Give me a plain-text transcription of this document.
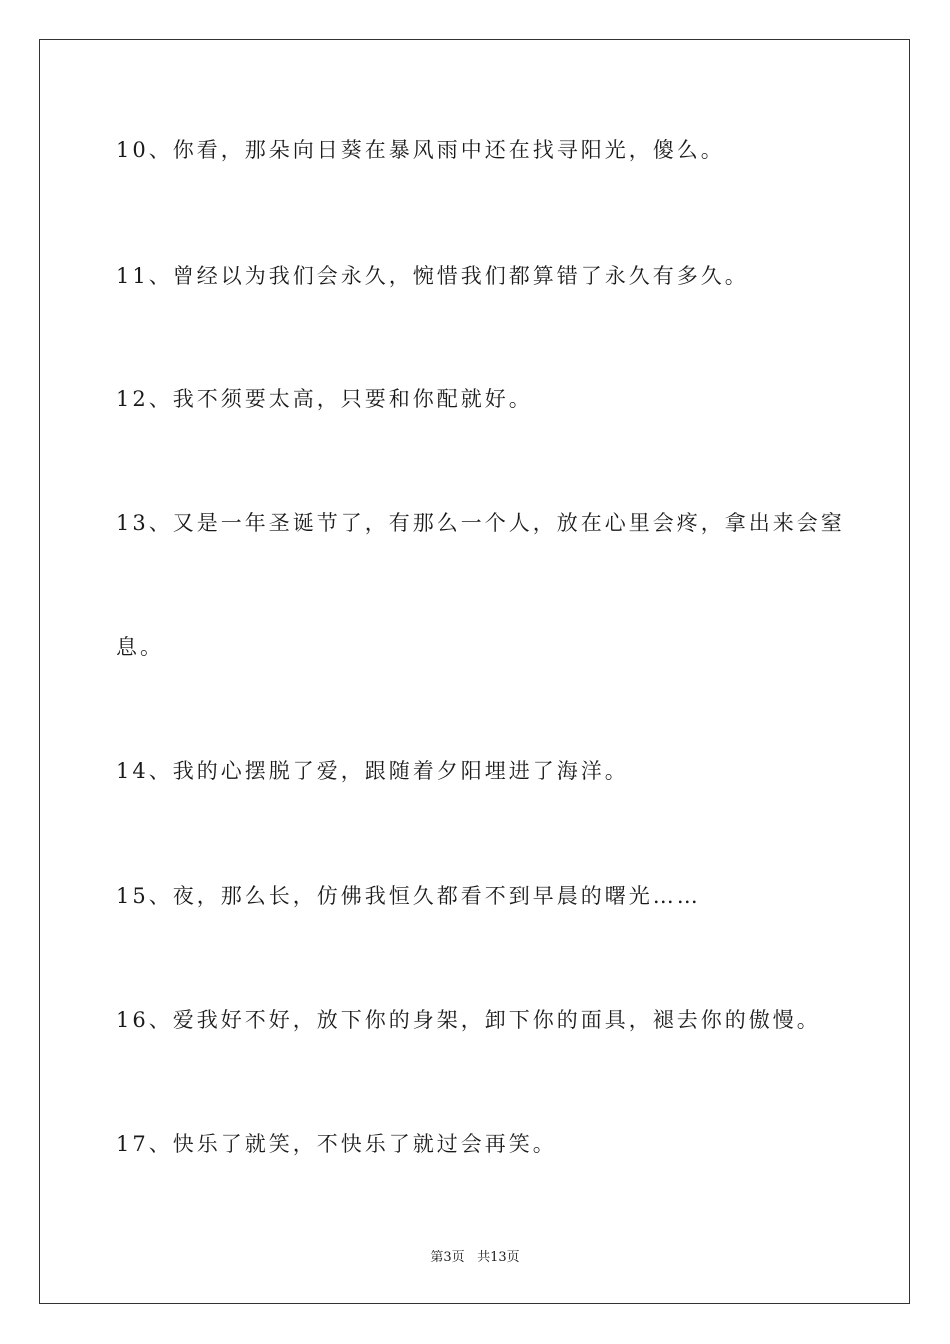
10、你看，那朵向日葵在暴风雨中还在找寻阳光，傻么。
11、曾经以为我们会永久，惋惜我们都算错了永久有多久。
12、我不须要太高，只要和你配就好。
13、又是一年圣诞节了，有那么一个人，放在心里会疼，拿出来会窒
息。
14、我的心摆脱了爱，跟随着夕阳埋进了海洋。
15、夜，那么长，仿佛我恒久都看不到早晨的曙光……
16、爱我好不好，放下你的身架，卸下你的面具，褪去你的傲慢。
17、快乐了就笑，不快乐了就过会再笑。
第3页 共13页
